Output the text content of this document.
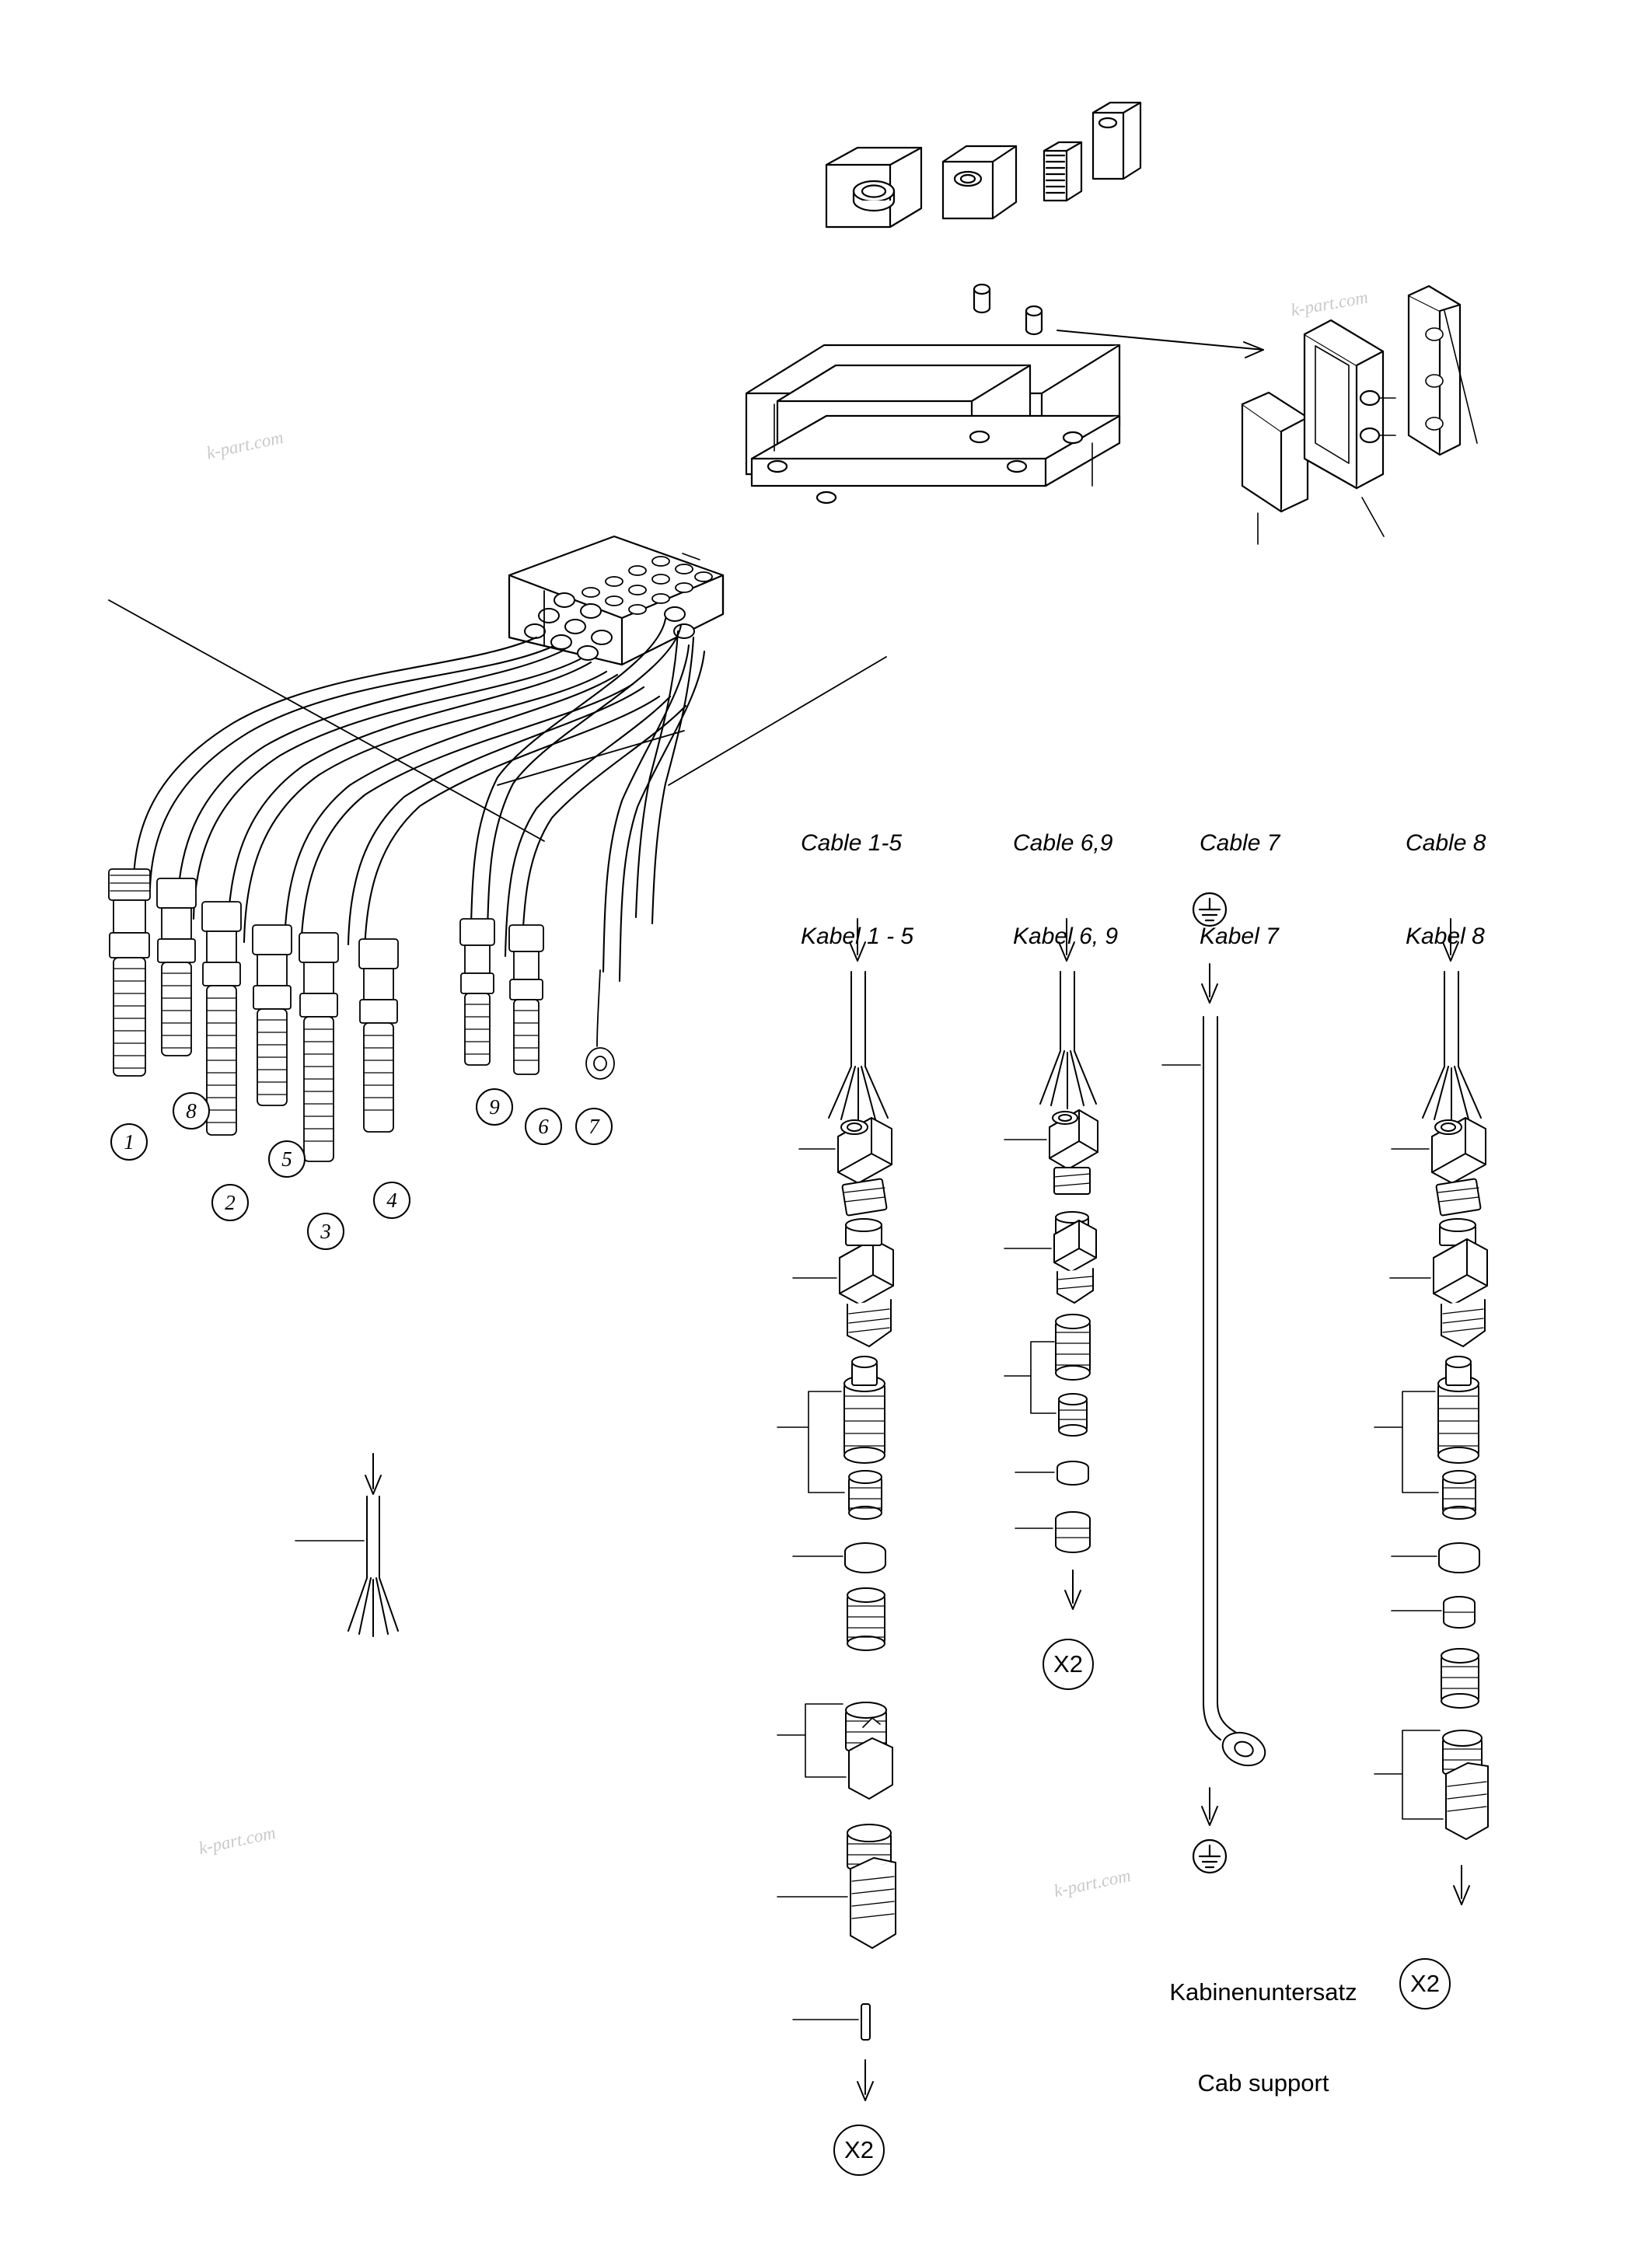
Cable 1-5

Kabel 1 - 5

Cable 6,9

Kabel 6, 9

Cable 7

Kabel 7

Cable 8

Kabel 8

Kabinenuntersatz

Cab support

1
8
2
5
3
4
9
6 7
X2
X2
X2
k-part.com
k-part.com
k-part.com
k-part.com
